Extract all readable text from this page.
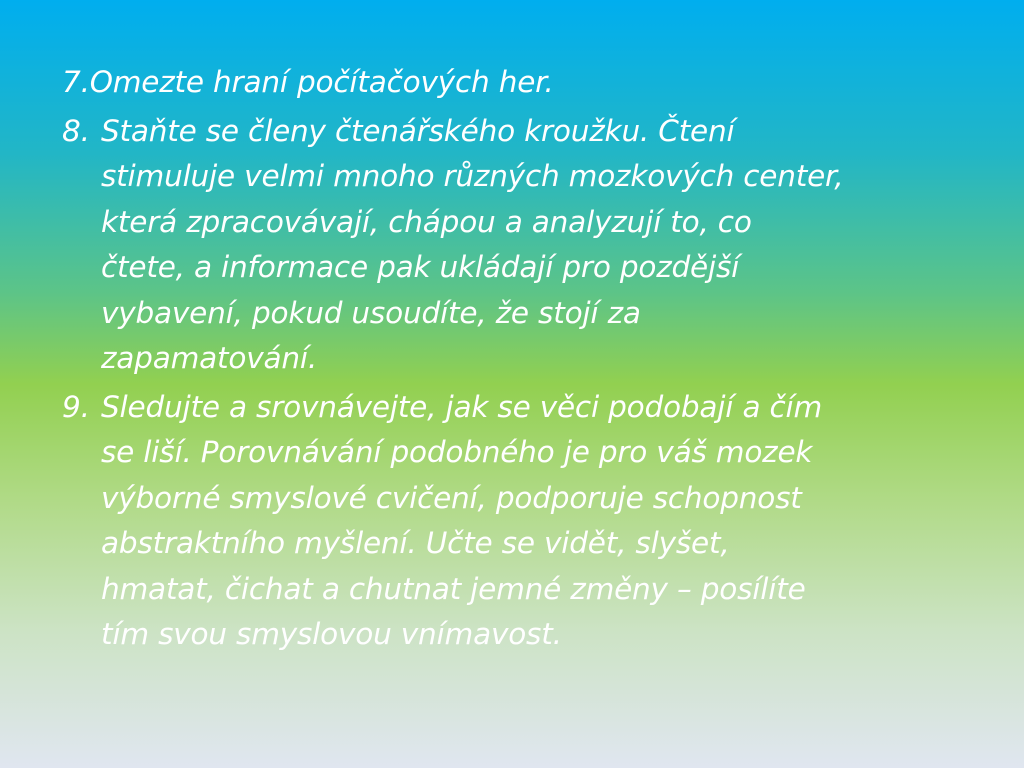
7.Omezte hraní počítačových her.
8. Staňte se členy čtenářského kroužku. Čtení
stimuluje velmi mnoho různých mozkových center,
která zpracovávají, chápou a analyzují to, co
čtete, a informace pak ukládají pro pozdější
vybavení, pokud usoudíte, že stojí za
zapamatování.
9. Sledujte a srovnávejte, jak se věci podobají a čím
se liší. Porovnávání podobného je pro váš mozek
výborné smyslové cvičení, podporuje schopnost
abstraktního myšlení. Učte se vidět, slyšet,
hmatat, čichat a chutnat jemné změny – posílíte
tím svou smyslovou vnímavost.
